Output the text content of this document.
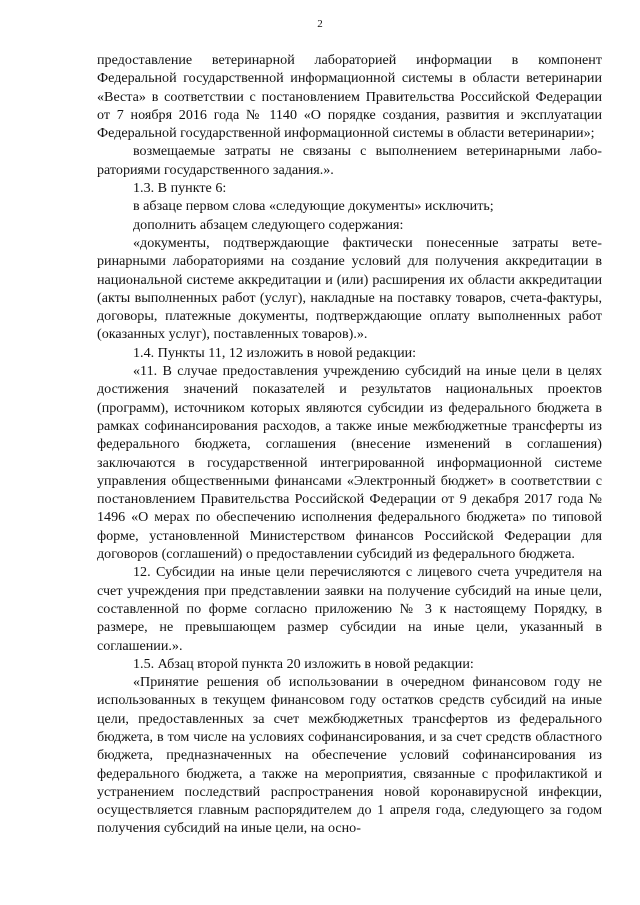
2

предоставление ветеринарной лабораторией информации в компонент Федеральной государственной информационной системы в области ветеринарии «Веста» в соответствии с постановлением Правительства Российской Федерации от 7 ноября 2016 года № 1140 «О порядке создания, развития и эксплуатации Федеральной государственной информационной системы в области ветеринарии»;

возмещаемые затраты не связаны с выполнением ветеринарными лабораториями государственного задания.».

1.3. В пункте 6:

в абзаце первом слова «следующие документы» исключить;

дополнить абзацем следующего содержания:

«документы, подтверждающие фактически понесенные затраты ветеринарными лабораториями на создание условий для получения аккредитации в национальной системе аккредитации и (или) расширения их области аккредитации (акты выполненных работ (услуг), накладные на поставку товаров, счета-фактуры, договоры, платежные документы, подтверждающие оплату выполненных работ (оказанных услуг), поставленных товаров).».

1.4. Пункты 11, 12 изложить в новой редакции:

«11. В случае предоставления учреждению субсидий на иные цели в целях достижения значений показателей и результатов национальных проектов (программ), источником которых являются субсидии из федерального бюджета в рамках софинансирования расходов, а также иные межбюджетные трансферты из федерального бюджета, соглашения (внесение изменений в соглашения) заключаются в государственной интегрированной информационной системе управления общественными финансами «Электронный бюджет» в соответствии с постановлением Правительства Российской Федерации от 9 декабря 2017 года № 1496 «О мерах по обеспечению исполнения федерального бюджета» по типовой форме, установленной Министерством финансов Российской Федерации для договоров (соглашений) о предоставлении субсидий из федерального бюджета.

12. Субсидии на иные цели перечисляются с лицевого счета учредителя на счет учреждения при представлении заявки на получение субсидий на иные цели, составленной по форме согласно приложению № 3 к настоящему Порядку, в размере, не превышающем размер субсидии на иные цели, указанный в соглашении.».

1.5. Абзац второй пункта 20 изложить в новой редакции:

«Принятие решения об использовании в очередном финансовом году не использованных в текущем финансовом году остатков средств субсидий на иные цели, предоставленных за счет межбюджетных трансфертов из федерального бюджета, в том числе на условиях софинансирования, и за счет средств областного бюджета, предназначенных на обеспечение условий софинансирования из федерального бюджета, а также на мероприятия, связанные с профилактикой и устранением последствий распространения новой коронавирусной инфекции, осуществляется главным распорядителем до 1 апреля года, следующего за годом получения субсидий на иные цели, на осно-
